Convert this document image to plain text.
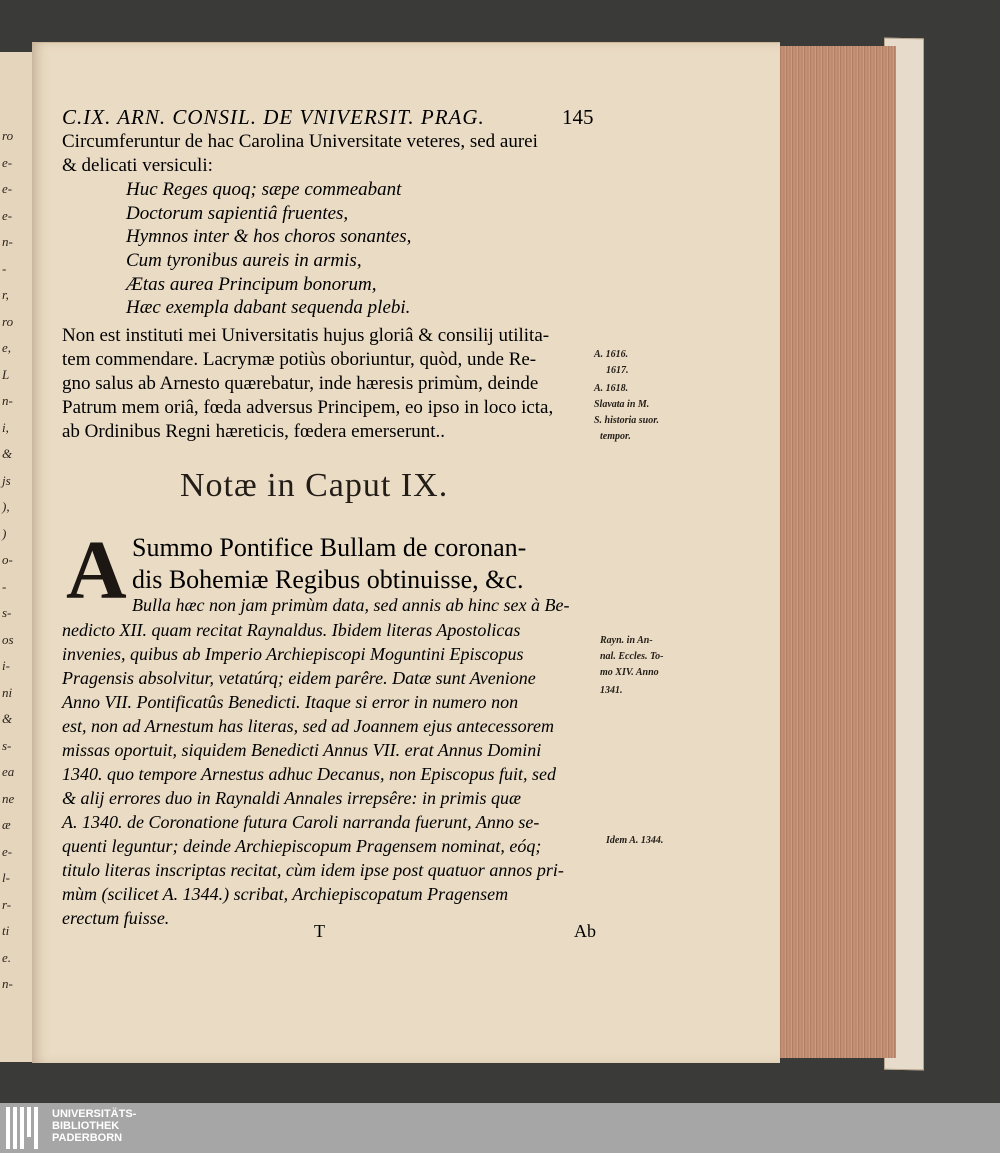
ro
e-
e-
e-
n-
-
r,
ro
e,
L
n-
i,
&
js
),
)
o-
-
s-
os
i-
ni
&
s-
ea
ne
æ
e-
l-
r-
ti
e.
n-
C.IX. ARN. CONSIL. DE VNIVERSIT. PRAG.	145
Circumferuntur de hac Carolina Universitate veteres, sed aurei
& delicati versiculi:
Huc Reges quoq; sæpe commeabant
Doctorum sapientiâ fruentes,
Hymnos inter & hos choros sonantes,
Cum tyronibus aureis in armis,
Ætas aurea Principum bonorum,
Hæc exempla dabant sequenda plebi.
Non est instituti mei Universitatis hujus gloriâ & consilij utilita-
tem commendare. Lacrymæ potiùs oboriuntur, quòd, unde Re-
gno salus ab Arnesto quærebatur, inde hæresis primùm, deinde
Patrum mem oriâ, fœda adversus Principem, eo ipso in loco icta,
ab Ordinibus Regni hæreticis, fœdera emerserunt..
A. 1616.
1617.
A. 1618.
Slavata in M.
S. historia suor.
tempor.
Notæ in Caput IX.
A Summo Pontifice Bullam de coronan-
dis Bohemiæ Regibus obtinuisse, &c.
Bulla hæc non jam primùm data, sed annis ab hinc sex à Be-
nedicto XII. quam recitat Raynaldus. Ibidem literas Apostolicas
invenies, quibus ab Imperio Archiepiscopi Moguntini Episcopus
Pragensis absolvitur, vetatúrq; eidem parêre. Datæ sunt Avenione
Anno VII. Pontificatûs Benedicti. Itaque si error in numero non
est, non ad Arnestum has literas, sed ad Joannem ejus antecessorem
missas oportuit, siquidem Benedicti Annus VII. erat Annus Domini
1340. quo tempore Arnestus adhuc Decanus, non Episcopus fuit, sed
& alij errores duo in Raynaldi Annales irrepsêre: in primis quæ
A. 1340. de Coronatione futura Caroli narranda fuerunt, Anno se-
quenti leguntur; deinde Archiepiscopum Pragensem nominat, eóq;
titulo literas inscriptas recitat, cùm idem ipse post quatuor annos pri-
mùm (scilicet A. 1344.) scribat, Archiepiscopatum Pragensem
erectum fuisse.
Rayn. in An-
nal. Eccles. To-
mo XIV. Anno
1341.
Idem A. 1344.
T	Ab
UNIVERSITÄTS-
BIBLIOTHEK
PADERBORN
